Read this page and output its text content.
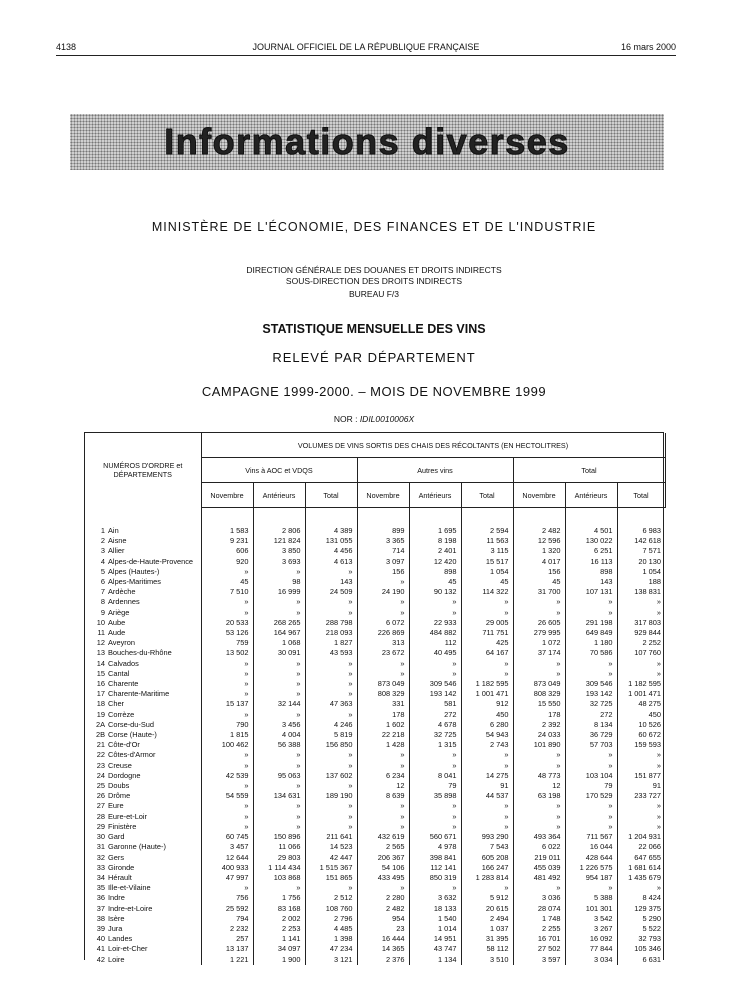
4138	JOURNAL OFFICIEL DE LA RÉPUBLIQUE FRANÇAISE	16 mars 2000
Informations diverses
MINISTÈRE DE L'ÉCONOMIE, DES FINANCES ET DE L'INDUSTRIE
DIRECTION GÉNÉRALE DES DOUANES ET DROITS INDIRECTS
SOUS-DIRECTION DES DROITS INDIRECTS
BUREAU F/3
STATISTIQUE MENSUELLE DES VINS
RELEVÉ PAR DÉPARTEMENT
CAMPAGNE 1999-2000. – MOIS DE NOVEMBRE 1999
NOR : IDIL0010006X
NUMÉROS D'ORDRE et DÉPARTEMENTS	VOLUMES DE VINS SORTIS DES CHAIS DES RÉCOLTANTS (EN HECTOLITRES)								
	Vins à AOC et VDQS			Autres vins			Total		
	Novembre	Antérieurs	Total	Novembre	Antérieurs	Total	Novembre	Antérieurs	Total
1 Ain	1 583	2 806	4 389	899	1 695	2 594	2 482	4 501	6 983
2 Aisne	9 231	121 824	131 055	3 365	8 198	11 563	12 596	130 022	142 618
3 Allier	606	3 850	4 456	714	2 401	3 115	1 320	6 251	7 571
4 Alpes-de-Haute-Provence	920	3 693	4 613	3 097	12 420	15 517	4 017	16 113	20 130
5 Alpes (Hautes-)	»	»	»	156	898	1 054	156	898	1 054
6 Alpes-Maritimes	45	98	143	»	45	45	45	143	188
7 Ardèche	7 510	16 999	24 509	24 190	90 132	114 322	31 700	107 131	138 831
8 Ardennes	»	»	»	»	»	»	»	»	»
9 Ariège	»	»	»	»	»	»	»	»	»
10 Aube	20 533	268 265	288 798	6 072	22 933	29 005	26 605	291 198	317 803
11 Aude	53 126	164 967	218 093	226 869	484 882	711 751	279 995	649 849	929 844
12 Aveyron	759	1 068	1 827	313	112	425	1 072	1 180	2 252
13 Bouches-du-Rhône	13 502	30 091	43 593	23 672	40 495	64 167	37 174	70 586	107 760
14 Calvados	»	»	»	»	»	»	»	»	»
15 Cantal	»	»	»	»	»	»	»	»	»
16 Charente	»	»	»	873 049	309 546	1 182 595	873 049	309 546	1 182 595
17 Charente-Maritime	»	»	»	808 329	193 142	1 001 471	808 329	193 142	1 001 471
18 Cher	15 137	32 144	47 363	331	581	912	15 550	32 725	48 275
19 Corrèze	»	»	»	178	272	450	178	272	450
2A Corse-du-Sud	790	3 456	4 246	1 602	4 678	6 280	2 392	8 134	10 526
2B Corse (Haute-)	1 815	4 004	5 819	22 218	32 725	54 943	24 033	36 729	60 672
21 Côte-d'Or	100 462	56 388	156 850	1 428	1 315	2 743	101 890	57 703	159 593
22 Côtes-d'Armor	»	»	»	»	»	»	»	»	»
23 Creuse	»	»	»	»	»	»	»	»	»
24 Dordogne	42 539	95 063	137 602	6 234	8 041	14 275	48 773	103 104	151 877
25 Doubs	»	»	»	12	79	91	12	79	91
26 Drôme	54 559	134 631	189 190	8 639	35 898	44 537	63 198	170 529	233 727
27 Eure	»	»	»	»	»	»	»	»	»
28 Eure-et-Loir	»	»	»	»	»	»	»	»	»
29 Finistère	»	»	»	»	»	»	»	»	»
30 Gard	60 745	150 896	211 641	432 619	560 671	993 290	493 364	711 567	1 204 931
31 Garonne (Haute-)	3 457	11 066	14 523	2 565	4 978	7 543	6 022	16 044	22 066
32 Gers	12 644	29 803	42 447	206 367	398 841	605 208	219 011	428 644	647 655
33 Gironde	400 933	1 114 434	1 515 367	54 106	112 141	166 247	455 039	1 226 575	1 681 614
34 Hérault	47 997	103 868	151 865	433 495	850 319	1 283 814	481 492	954 187	1 435 679
35 Ille-et-Vilaine	»	»	»	»	»	»	»	»	»
36 Indre	756	1 756	2 512	2 280	3 632	5 912	3 036	5 388	8 424
37 Indre-et-Loire	25 592	83 168	108 760	2 482	18 133	20 615	28 074	101 301	129 375
38 Isère	794	2 002	2 796	954	1 540	2 494	1 748	3 542	5 290
39 Jura	2 232	2 253	4 485	23	1 014	1 037	2 255	3 267	5 522
40 Landes	257	1 141	1 398	16 444	14 951	31 395	16 701	16 092	32 793
41 Loir-et-Cher	13 137	34 097	47 234	14 365	43 747	58 112	27 502	77 844	105 346
42 Loire	1 221	1 900	3 121	2 376	1 134	3 510	3 597	3 034	6 631
